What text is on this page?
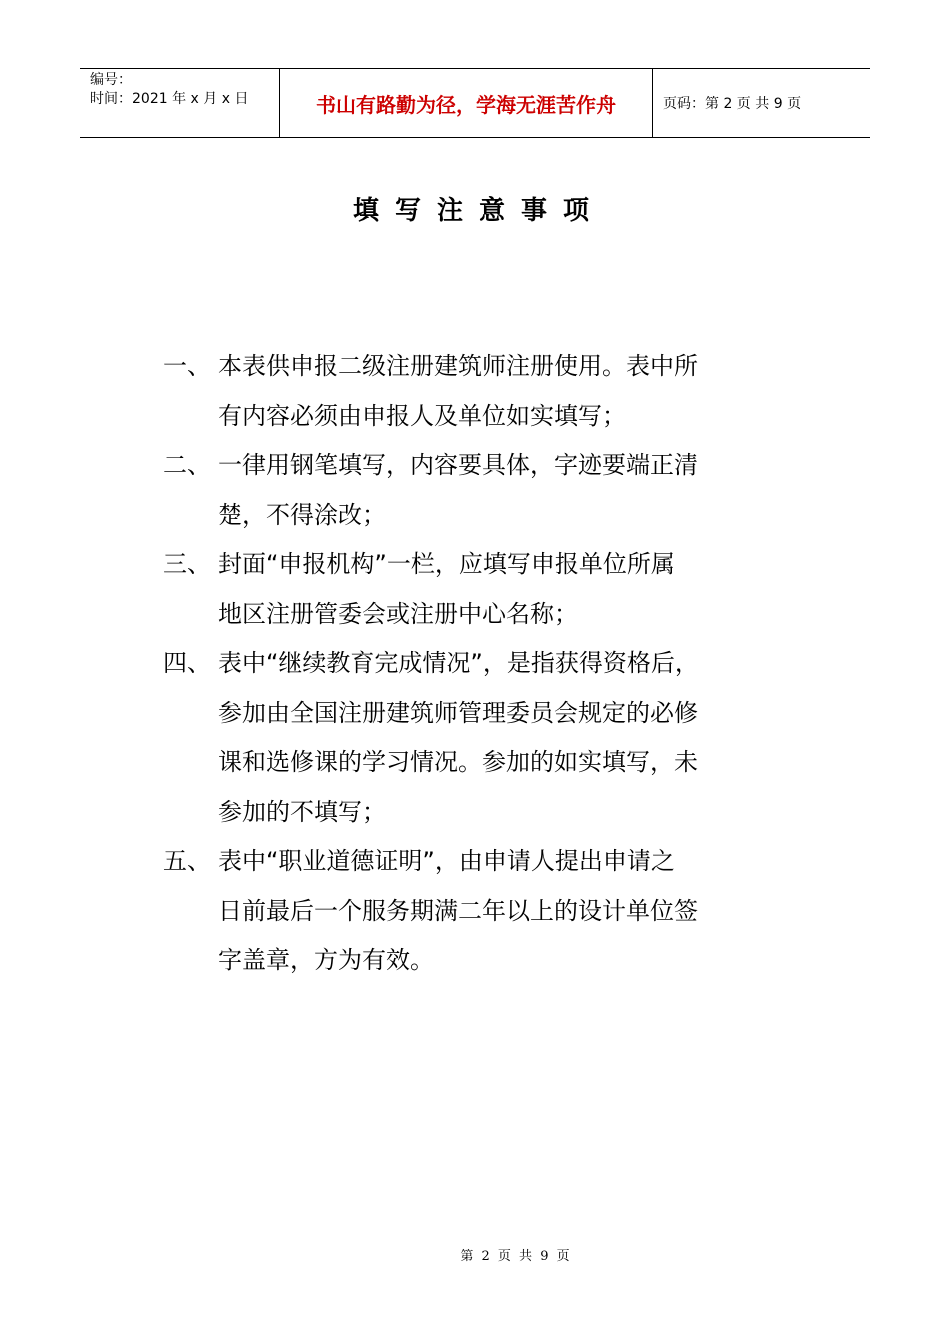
编号：
时间：2021 年 x 月 x 日	书山有路勤为径，学海无涯苦作舟	页码：第 2 页 共 9 页
填写注意事项
一、 本表供申报二级注册建筑师注册使用。表中所
有内容必须由申报人及单位如实填写；
二、 一律用钢笔填写，内容要具体，字迹要端正清
楚，不得涂改；
三、 封面“申报机构”一栏，应填写申报单位所属
地区注册管委会或注册中心名称；
四、 表中“继续教育完成情况”，是指获得资格后，
参加由全国注册建筑师管理委员会规定的必修
课和选修课的学习情况。参加的如实填写，未
参加的不填写；
五、 表中“职业道德证明”，由申请人提出申请之
日前最后一个服务期满二年以上的设计单位签
字盖章，方为有效。
第 2 页 共 9 页
